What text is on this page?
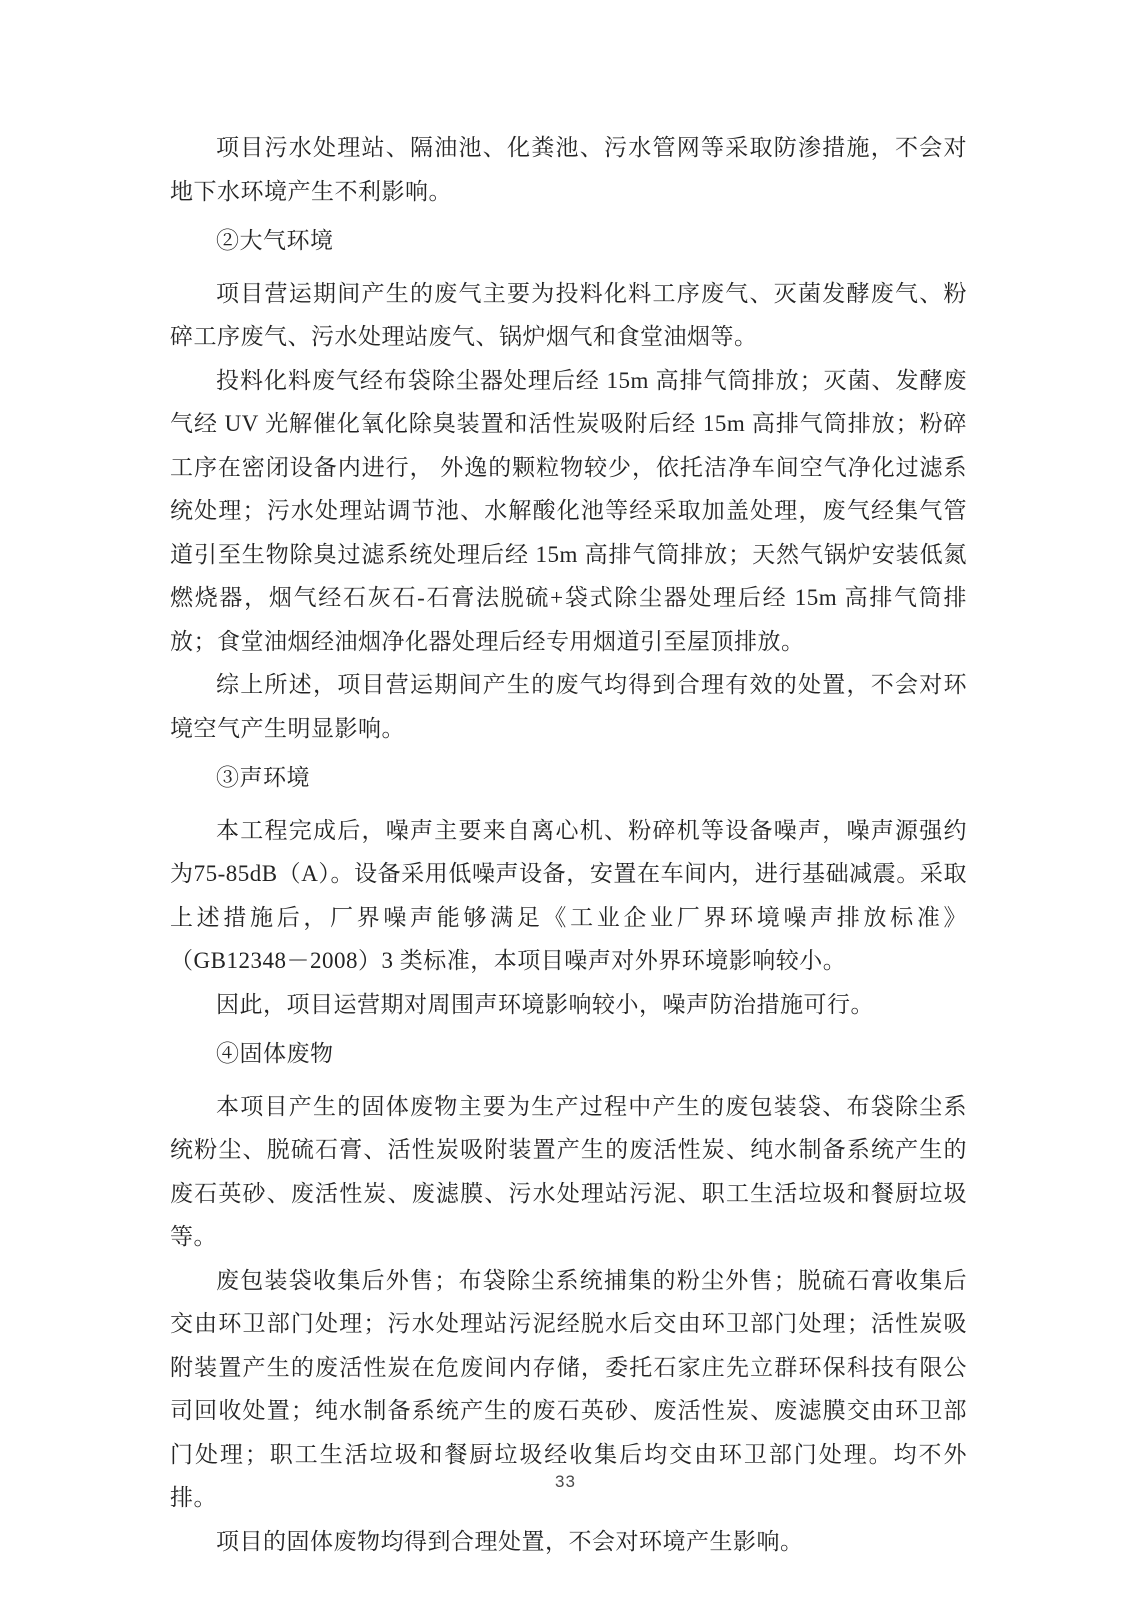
项目污水处理站、隔油池、化粪池、污水管网等采取防渗措施，不会对地下水环境产生不利影响。

②大气环境

项目营运期间产生的废气主要为投料化料工序废气、灭菌发酵废气、粉碎工序废气、污水处理站废气、锅炉烟气和食堂油烟等。

投料化料废气经布袋除尘器处理后经 15m 高排气筒排放；灭菌、发酵废气经 UV 光解催化氧化除臭装置和活性炭吸附后经 15m 高排气筒排放；粉碎工序在密闭设备内进行， 外逸的颗粒物较少，依托洁净车间空气净化过滤系统处理；污水处理站调节池、水解酸化池等经采取加盖处理，废气经集气管道引至生物除臭过滤系统处理后经 15m 高排气筒排放；天然气锅炉安装低氮燃烧器，烟气经石灰石-石膏法脱硫+袋式除尘器处理后经 15m 高排气筒排放；食堂油烟经油烟净化器处理后经专用烟道引至屋顶排放。

综上所述，项目营运期间产生的废气均得到合理有效的处置，不会对环境空气产生明显影响。

③声环境

本工程完成后，噪声主要来自离心机、粉碎机等设备噪声，噪声源强约为75-85dB（A）。设备采用低噪声设备，安置在车间内，进行基础减震。采取上述措施后，厂界噪声能够满足《工业企业厂界环境噪声排放标准》（GB12348－2008）3 类标准，本项目噪声对外界环境影响较小。

因此，项目运营期对周围声环境影响较小，噪声防治措施可行。

④固体废物

本项目产生的固体废物主要为生产过程中产生的废包装袋、布袋除尘系统粉尘、脱硫石膏、活性炭吸附装置产生的废活性炭、纯水制备系统产生的废石英砂、废活性炭、废滤膜、污水处理站污泥、职工生活垃圾和餐厨垃圾等。

废包装袋收集后外售；布袋除尘系统捕集的粉尘外售；脱硫石膏收集后交由环卫部门处理；污水处理站污泥经脱水后交由环卫部门处理；活性炭吸附装置产生的废活性炭在危废间内存储，委托石家庄先立群环保科技有限公司回收处置；纯水制备系统产生的废石英砂、废活性炭、废滤膜交由环卫部门处理；职工生活垃圾和餐厨垃圾经收集后均交由环卫部门处理。均不外排。

项目的固体废物均得到合理处置，不会对环境产生影响。

33
